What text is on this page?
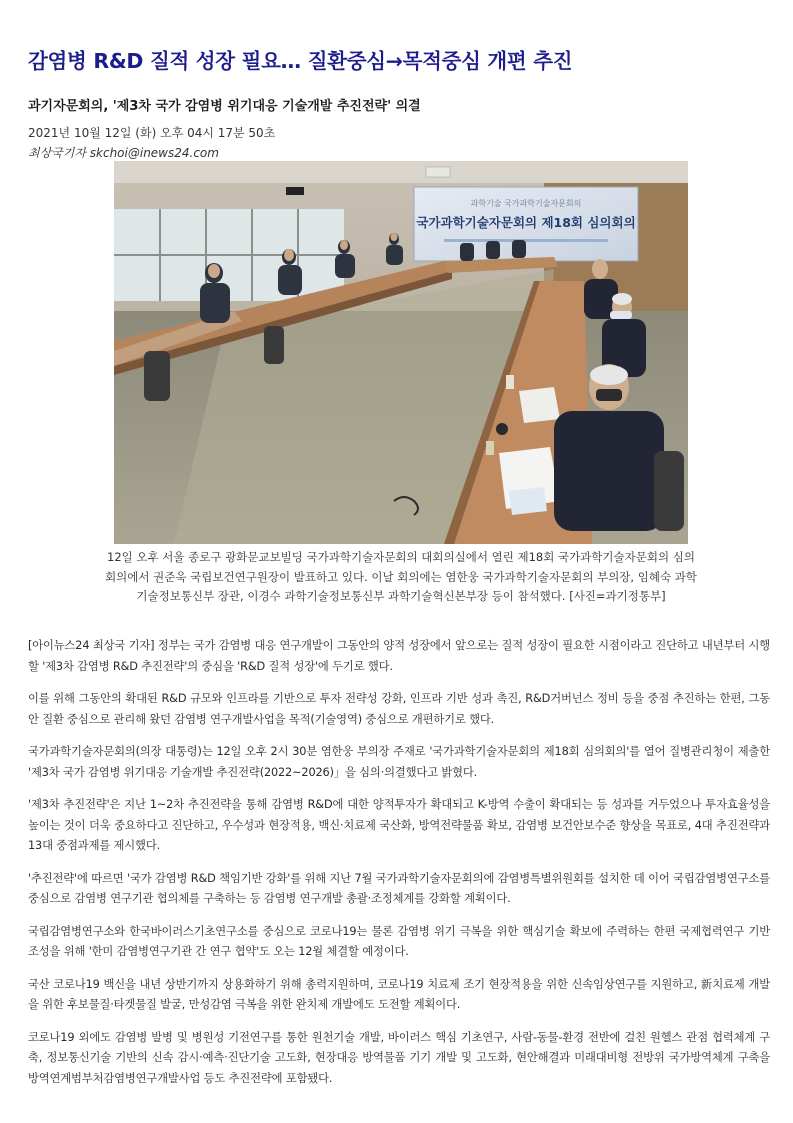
감염병 R&D 질적 성장 필요… 질환중심→목적중심 개편 추진
과기자문회의, '제3차 국가 감염병 위기대응 기술개발 추진전략' 의결
2021년 10월 12일 (화) 오후 04시 17분 50초
최상국기자 skchoi@inews24.com
과학기술 국가과학기술자문회의
국가과학기술자문회의 제18회 심의회의

12일 오후 서울 종로구 광화문교보빌딩 국가과학기술자문회의 대회의실에서 열린 제18회 국가과학기술자문회의 심의회의에서 권준욱 국립보건연구원장이 발표하고 있다. 이날 회의에는 염한웅 국가과학기술자문회의 부의장, 임혜숙 과학기술정보통신부 장관, 이경수 과학기술정보통신부 과학기술혁신본부장 등이 참석했다. [사진=과기정통부]

[아이뉴스24 최상국 기자] 정부는 국가 감염병 대응 연구개발이 그동안의 양적 성장에서 앞으로는 질적 성장이 필요한 시점이라고 진단하고 내년부터 시행할 '제3차 감염병 R&D 추진전략'의 중심을 'R&D 질적 성장'에 두기로 했다.

이를 위해 그동안의 확대된 R&D 규모와 인프라를 기반으로 투자 전략성 강화, 인프라 기반 성과 촉진, R&D거버넌스 정비 등을 중점 추진하는 한편, 그동안 질환 중심으로 관리해 왔던 감염병 연구개발사업을 목적(기술영역) 중심으로 개편하기로 했다.

국가과학기술자문회의(의장 대통령)는 12일 오후 2시 30분 염한웅 부의장 주재로 '국가과학기술자문회의 제18회 심의회의'를 열어 질병관리청이 제출한 '제3차 국가 감염병 위기대응 기술개발 추진전략(2022~2026)」을 심의·의결했다고 밝혔다.

'제3차 추진전략'은 지난 1~2차 추진전략을 통해 감염병 R&D에 대한 양적투자가 확대되고 K-방역 수출이 확대되는 등 성과를 거두었으나 투자효율성을 높이는 것이 더욱 중요하다고 진단하고, 우수성과 현장적용, 백신·치료제 국산화, 방역전략물품 확보, 감염병 보건안보수준 향상을 목표로, 4대 추진전략과 13대 중점과제를 제시했다.

'추진전략'에 따르면 '국가 감염병 R&D 책임기반 강화'를 위해 지난 7월 국가과학기술자문회의에 감염병특별위원회를 설치한 데 이어 국립감염병연구소를 중심으로 감염병 연구기관 협의체를 구축하는 등 감염병 연구개발 총괄·조정체계를 강화할 계획이다.

국립감염병연구소와 한국바이러스기초연구소를 중심으로 코로나19는 물론 감염병 위기 극복을 위한 핵심기술 확보에 주력하는 한편 국제협력연구 기반 조성을 위해 '한미 감염병연구기관 간 연구 협약'도 오는 12월 체결할 예정이다.

국산 코로나19 백신을 내년 상반기까지 상용화하기 위해 총력지원하며, 코로나19 치료제 조기 현장적용을 위한 신속임상연구를 지원하고, 新치료제 개발을 위한 후보물질·타겟물질 발굴, 만성감염 극복을 위한 완치제 개발에도 도전할 계획이다.

코로나19 외에도 감염병 발병 및 병원성 기전연구를 통한 원천기술 개발, 바이러스 핵심 기초연구, 사람-동물-환경 전반에 걸친 원헬스 관점 협력체계 구축, 정보통신기술 기반의 신속 감시·예측·진단기술 고도화, 현장대응 방역물품 기기 개발 및 고도화, 현안해결과 미래대비형 전방위 국가방역체계 구축을 방역연계범부처감염병연구개발사업 등도 추진전략에 포함됐다.
